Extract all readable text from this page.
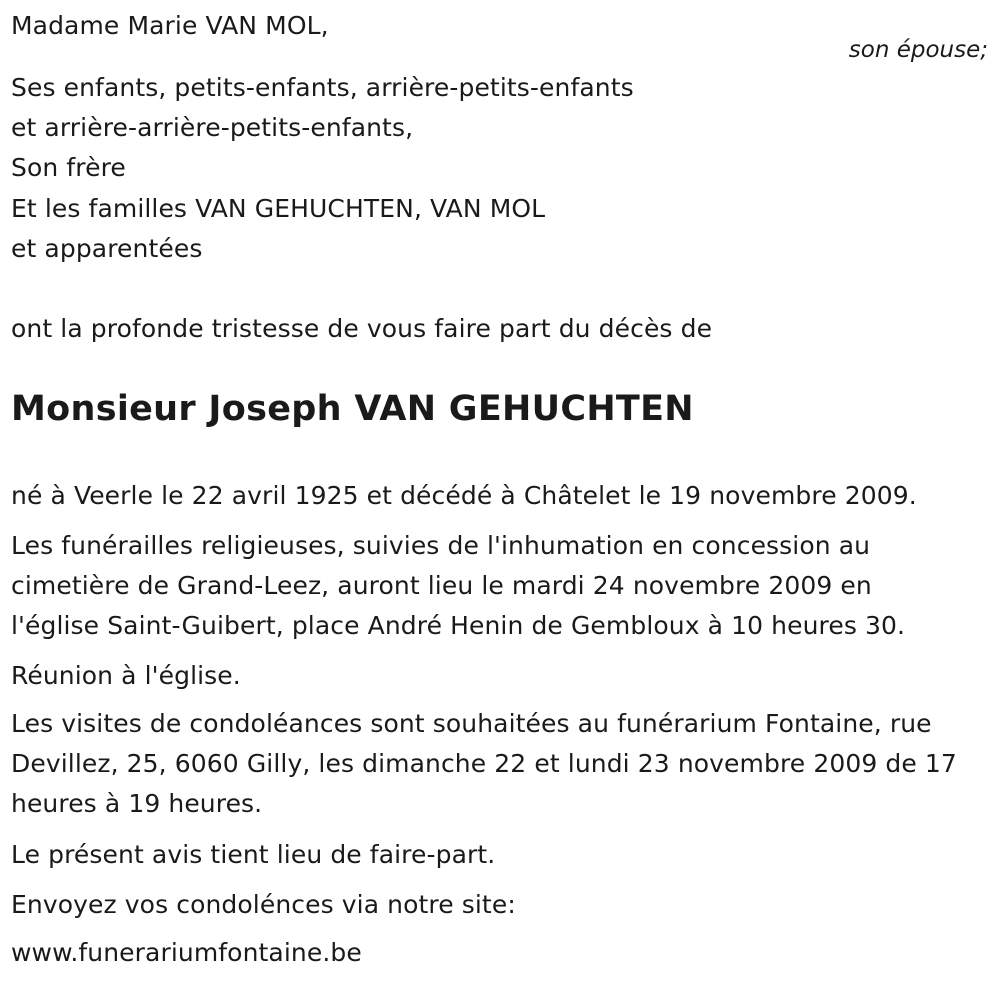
Madame Marie VAN MOL,
son épouse;
Ses enfants, petits-enfants, arrière-petits-enfants
et arrière-arrière-petits-enfants,
Son frère
Et les familles VAN GEHUCHTEN, VAN MOL
et apparentées
ont la profonde tristesse de vous faire part du décès de
Monsieur Joseph VAN GEHUCHTEN
né à Veerle le 22 avril 1925 et décédé à Châtelet le 19 novembre 2009.
Les funérailles religieuses, suivies de l'inhumation en concession au
cimetière de Grand-Leez, auront lieu le mardi 24 novembre 2009 en
l'église Saint-Guibert, place André Henin de Gembloux à 10 heures 30.
Réunion à l'église.
Les visites de condoléances sont souhaitées au funérarium Fontaine, rue
Devillez, 25, 6060 Gilly, les dimanche 22 et lundi 23 novembre 2009 de 17
heures à 19 heures.
Le présent avis tient lieu de faire-part.
Envoyez vos condolénces via notre site:
www.funerariumfontaine.be
